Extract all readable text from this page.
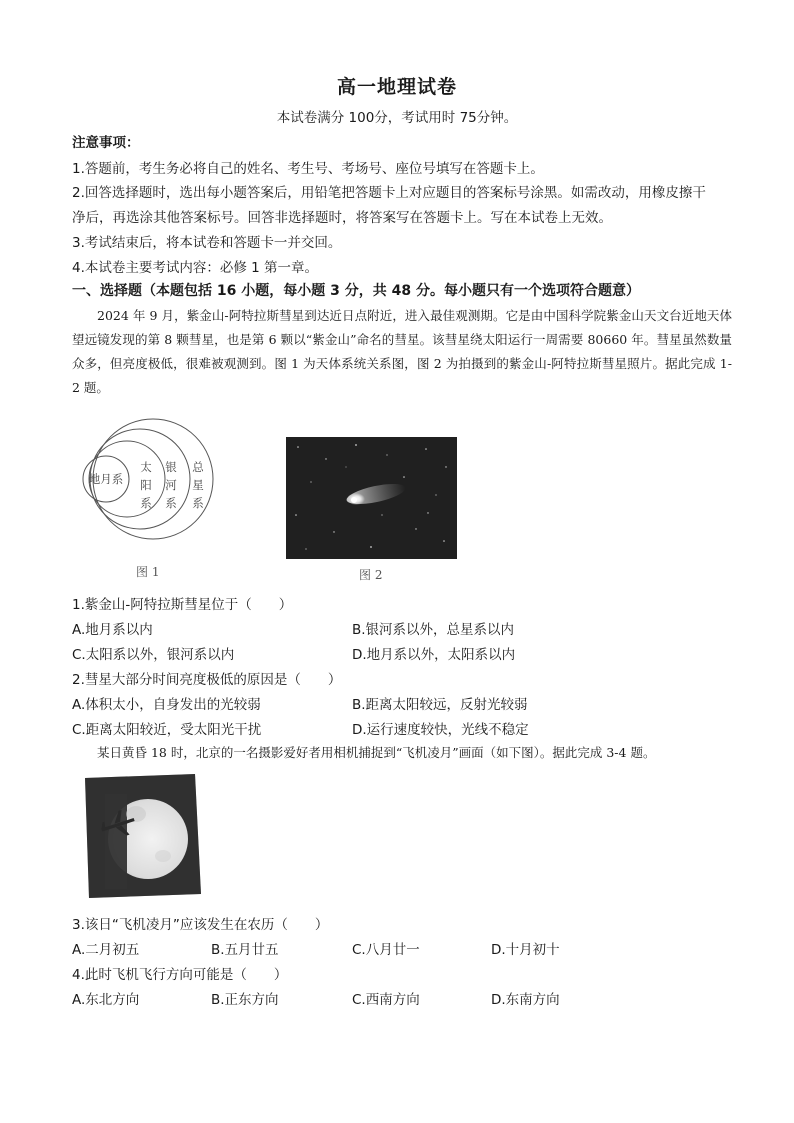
高一地理试卷
本试卷满分 100分，考试用时 75分钟。
注意事项：
1.答题前，考生务必将自己的姓名、考生号、考场号、座位号填写在答题卡上。
2.回答选择题时，选出每小题答案后，用铅笔把答题卡上对应题目的答案标号涂黑。如需改动，用橡皮擦干
净后，再选涂其他答案标号。回答非选择题时，将答案写在答题卡上。写在本试卷上无效。
3.考试结束后，将本试卷和答题卡一并交回。
4.本试卷主要考试内容：必修 1 第一章。
一、选择题（本题包括 16 小题，每小题 3 分，共 48 分。每小题只有一个选项符合题意）
2024 年 9 月，紫金山-阿特拉斯彗星到达近日点附近，进入最佳观测期。它是由中国科学院紫金山天文台近地天体望远镜发现的第 8 颗彗星，也是第 6 颗以“紫金山”命名的彗星。该彗星绕太阳运行一周需要 80660 年。彗星虽然数量众多，但亮度极低，很难被观测到。图 1 为天体系统关系图，图 2 为拍摄到的紫金山-阿特拉斯彗星照片。据此完成 1-2 题。
地月系
太阳系
银河系
总星系
图 1	图 2
1.紫金山-阿特拉斯彗星位于（　　）
A.地月系以内	B.银河系以外，总星系以内
C.太阳系以外，银河系以内	D.地月系以外，太阳系以内
2.彗星大部分时间亮度极低的原因是（　　）
A.体积太小，自身发出的光较弱	B.距离太阳较远，反射光较弱
C.距离太阳较近，受太阳光干扰	D.运行速度较快，光线不稳定
某日黄昏 18 时，北京的一名摄影爱好者用相机捕捉到“飞机凌月”画面（如下图）。据此完成 3-4 题。
3.该日“飞机凌月”应该发生在农历（　　）
A.二月初五	B.五月廿五	C.八月廿一	D.十月初十
4.此时飞机飞行方向可能是（　　）
A.东北方向	B.正东方向	C.西南方向	D.东南方向
